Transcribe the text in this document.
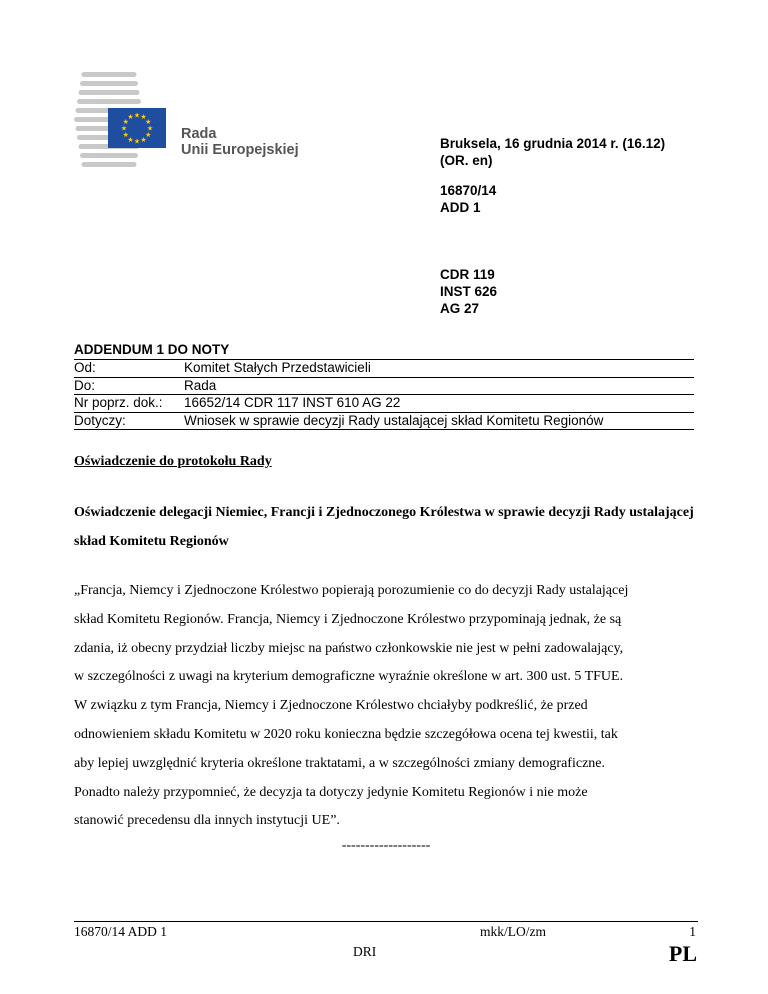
★ ★
★
★
★
★
★
★
★
★
★
★
Rada
Unii Europejskiej	Bruksela, 16 grudnia 2014 r. (16.12)
(OR. en)
16870/14
ADD 1
CDR 119
INST 626
AG 27
ADDENDUM 1 DO NOTY
Od:	Komitet Stałych Przedstawicieli
Do:	Rada
Nr poprz. dok.:	16652/14 CDR 117 INST 610 AG 22
Dotyczy:	Wniosek w sprawie decyzji Rady ustalającej skład Komitetu Regionów

Oświadczenie do protokołu Rady

Oświadczenie delegacji Niemiec, Francji i Zjednoczonego Królestwa w sprawie decyzji Rady ustalającej skład Komitetu Regionów

„Francja, Niemcy i Zjednoczone Królestwo popierają porozumienie co do decyzji Rady ustalającej
skład Komitetu Regionów. Francja, Niemcy i Zjednoczone Królestwo przypominają jednak, że są
zdania, iż obecny przydział liczby miejsc na państwo członkowskie nie jest w pełni zadowalający,
w szczególności z uwagi na kryterium demograficzne wyraźnie określone w art. 300 ust. 5 TFUE.
W związku z tym Francja, Niemcy i Zjednoczone Królestwo chciałyby podkreślić, że przed
odnowieniem składu Komitetu w 2020 roku konieczna będzie szczegółowa ocena tej kwestii, tak
aby lepiej uwzględnić kryteria określone traktatami, a w szczególności zmiany demograficzne.
Ponadto należy przypomnieć, że decyzja ta dotyczy jedynie Komitetu Regionów i nie może
stanowić precedensu dla innych instytucji UE”.

-------------------

16870/14 ADD 1
DRI
mkk/LO/zm	1
PL
